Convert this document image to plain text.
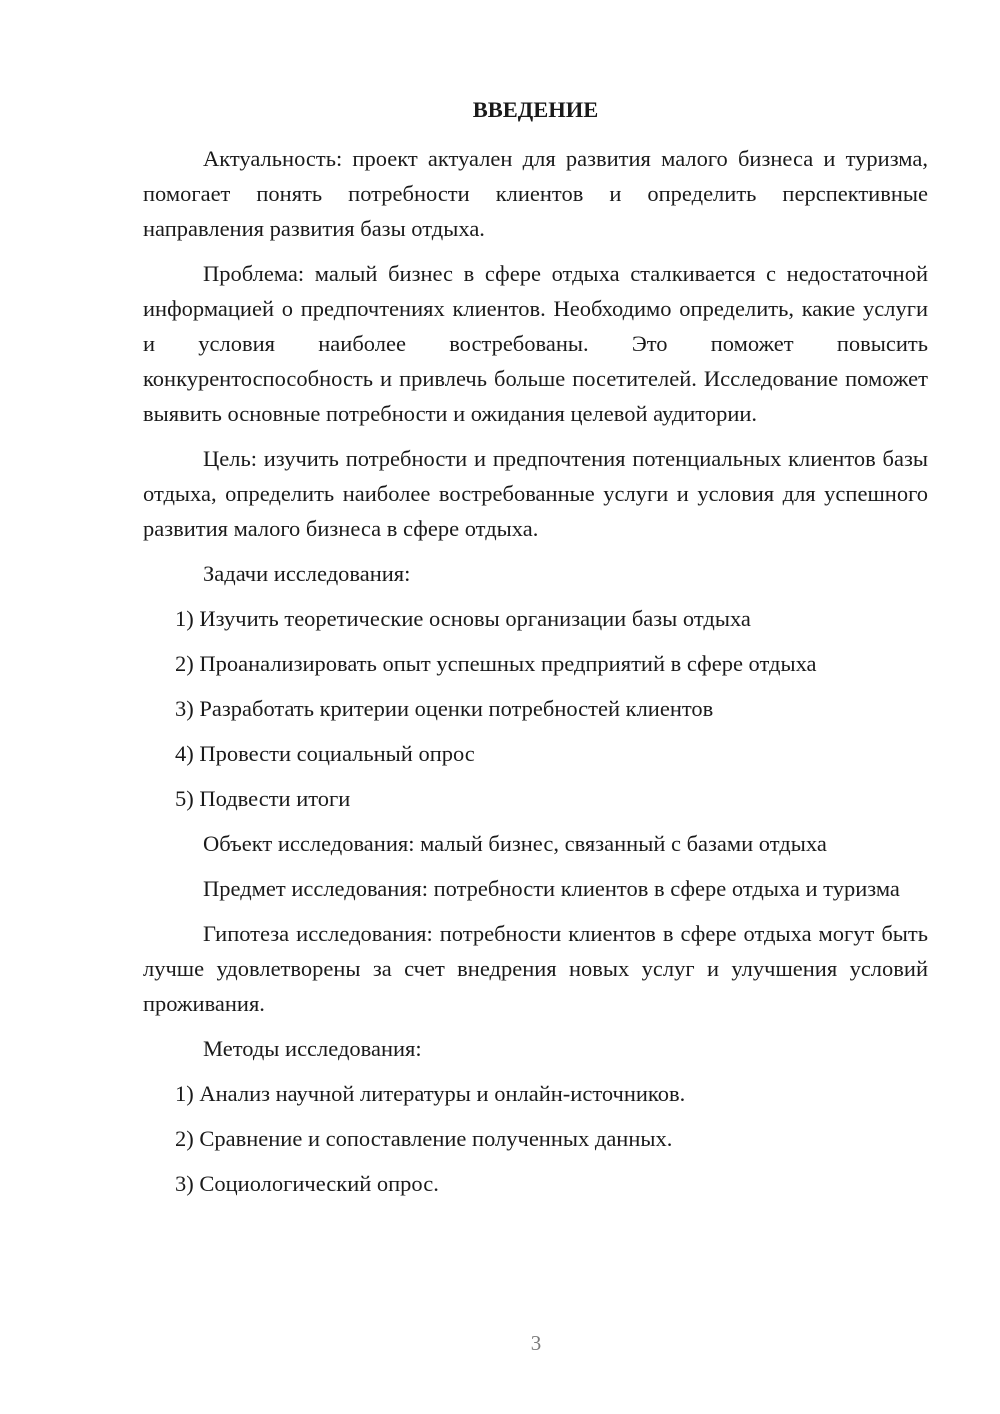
ВВЕДЕНИЕ

Актуальность: проект актуален для развития малого бизнеса и туризма, помогает понять потребности клиентов и определить перспективные направления развития базы отдыха.

Проблема: малый бизнес в сфере отдыха сталкивается с недостаточной информацией о предпочтениях клиентов. Необходимо определить, какие услуги и условия наиболее востребованы. Это поможет повысить конкурентоспособность и привлечь больше посетителей. Исследование поможет выявить основные потребности и ожидания целевой аудитории.

Цель: изучить потребности и предпочтения потенциальных клиентов базы отдыха, определить наиболее востребованные услуги и условия для успешного развития малого бизнеса в сфере отдыха.

Задачи исследования:

1) Изучить теоретические основы организации базы отдыха

2) Проанализировать опыт успешных предприятий в сфере отдыха

3) Разработать критерии оценки потребностей клиентов

4) Провести социальный опрос

5) Подвести итоги

Объект исследования: малый бизнес, связанный с базами отдыха

Предмет исследования: потребности клиентов в сфере отдыха и туризма

Гипотеза исследования: потребности клиентов в сфере отдыха могут быть лучше удовлетворены за счет внедрения новых услуг и улучшения условий проживания.

Методы исследования:

1) Анализ научной литературы и онлайн-источников.

2) Сравнение и сопоставление полученных данных.

3) Социологический опрос.

3
